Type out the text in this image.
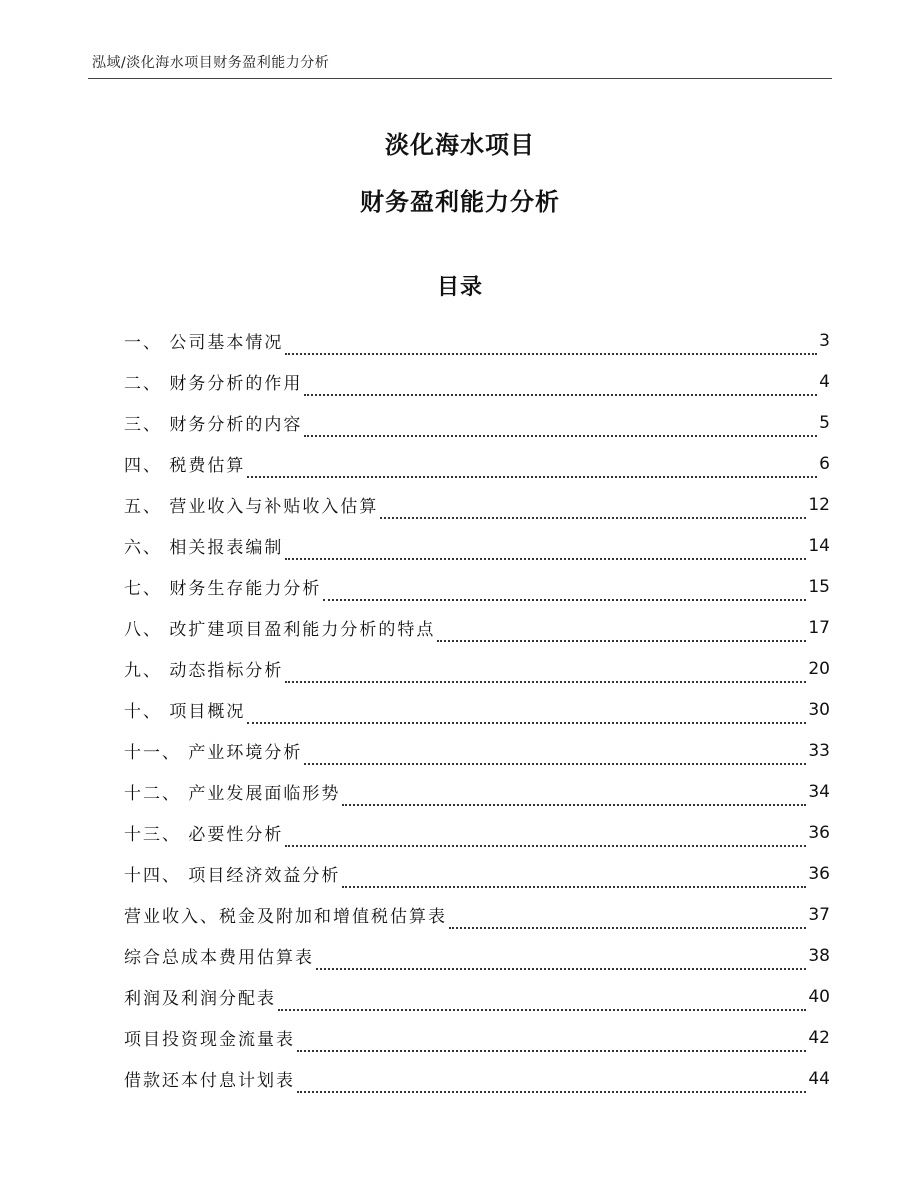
泓域/淡化海水项目财务盈利能力分析
淡化海水项目
财务盈利能力分析
目录
一、 公司基本情况	3
二、 财务分析的作用	4
三、 财务分析的内容	5
四、 税费估算	6
五、 营业收入与补贴收入估算	12
六、 相关报表编制	14
七、 财务生存能力分析	15
八、 改扩建项目盈利能力分析的特点	17
九、 动态指标分析	20
十、 项目概况	30
十一、 产业环境分析	33
十二、 产业发展面临形势	34
十三、 必要性分析	36
十四、 项目经济效益分析	36
营业收入、税金及附加和增值税估算表	37
综合总成本费用估算表	38
利润及利润分配表	40
项目投资现金流量表	42
借款还本付息计划表	44
